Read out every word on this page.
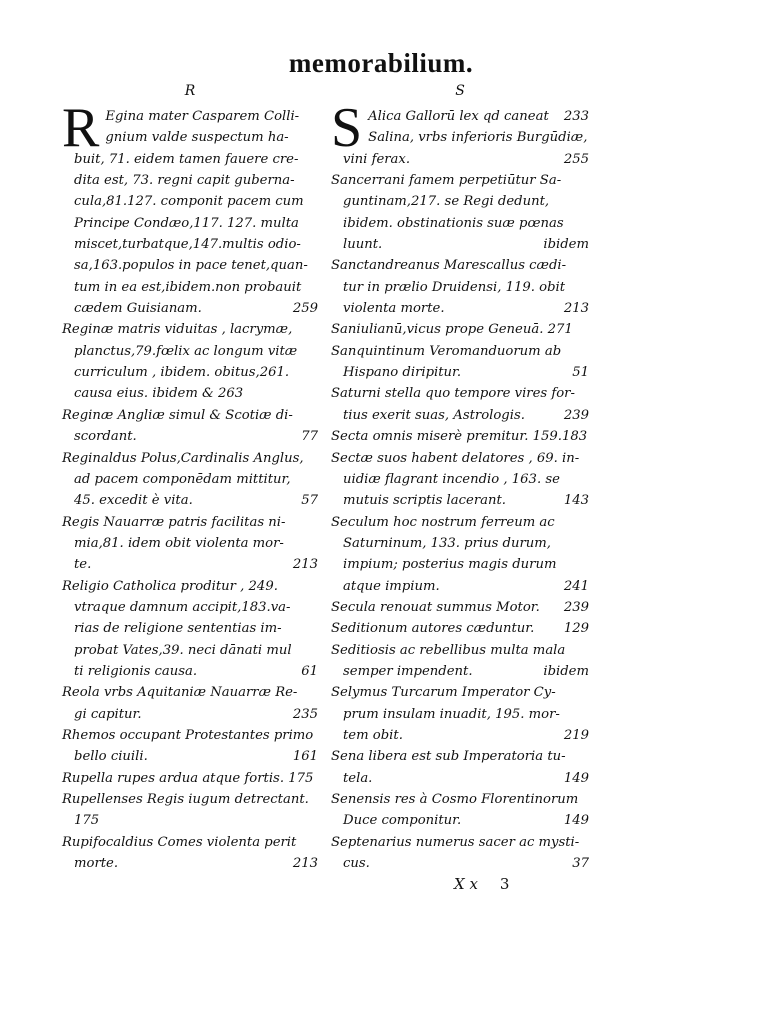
memorabilium.
R
R Egina mater Casparem Colli-
gnium valde suspectum ha-
buit, 71. eidem tamen fauere cre-
dita est, 73. regni capit guberna-
cula,81.127. componit pacem cum
Principe Condæo,117. 127. multa
miscet,turbatque,147.multis odio-
sa,163.populos in pace tenet,quan-
tum in ea est,ibidem.non probauit
cædem Guisianam.	259
Reginæ matris viduitas , lacrymæ,
planctus,79.fœlix ac longum vitæ
curriculum , ibidem. obitus,261.
causa eius. ibidem & 263
Reginæ Angliæ simul & Scotiæ di-
scordant.	77
Reginaldus Polus,Cardinalis Anglus,
ad pacem componēdam mittitur,
45. excedit è vita.	57
Regis Nauarræ patris facilitas ni-
mia,81. idem obit violenta mor-
te.	213
Religio Catholica proditur , 249.
vtraque damnum accipit,183.va-
rias de religione sententias im-
probat Vates,39. neci dānati mul
ti religionis causa.	61
Reola vrbs Aquitaniæ Nauarræ Re-
gi capitur.	235
Rhemos occupant Protestantes primo
bello ciuili.	161
Rupella rupes ardua atque fortis. 175
Rupellenses Regis iugum detrectant.
175
Rupifocaldius Comes violenta perit
morte.	213
S
S Alica Gallorū lex qd caneat 233
Salina, vrbs inferioris Burgūdiæ,
vini ferax.	255
Sancerrani famem perpetiūtur Sa-
guntinam,217. se Regi dedunt,
ibidem. obstinationis suæ pœnas
luunt.	ibidem
Sanctandreanus Marescallus cædi-
tur in prælio Druidensi, 119. obit
violenta morte.	213
Saniulianū,vicus prope Geneuā. 271
Sanquintinum Veromanduorum ab
Hispano diripitur.	51
Saturni stella quo tempore vires for-
tius exerit suas, Astrologis.	239
Secta omnis miserè premitur. 159.183
Sectæ suos habent delatores , 69. in-
uidiæ flagrant incendio , 163. se
mutuis scriptis lacerant.	143
Seculum hoc nostrum ferreum ac
Saturninum, 133. prius durum,
impium; posterius magis durum
atque impium.	241
Secula renouat summus Motor. 239
Seditionum autores cæduntur. 129
Seditiosis ac rebellibus multa mala
semper impendent.	ibidem
Selymus Turcarum Imperator Cy-
prum insulam inuadit, 195. mor-
tem obit.	219
Sena libera est sub Imperatoria tu-
tela.	149
Senensis res à Cosmo Florentinorum
Duce componitur.	149
Septenarius numerus sacer ac mysti-
cus.	37
X x 3
